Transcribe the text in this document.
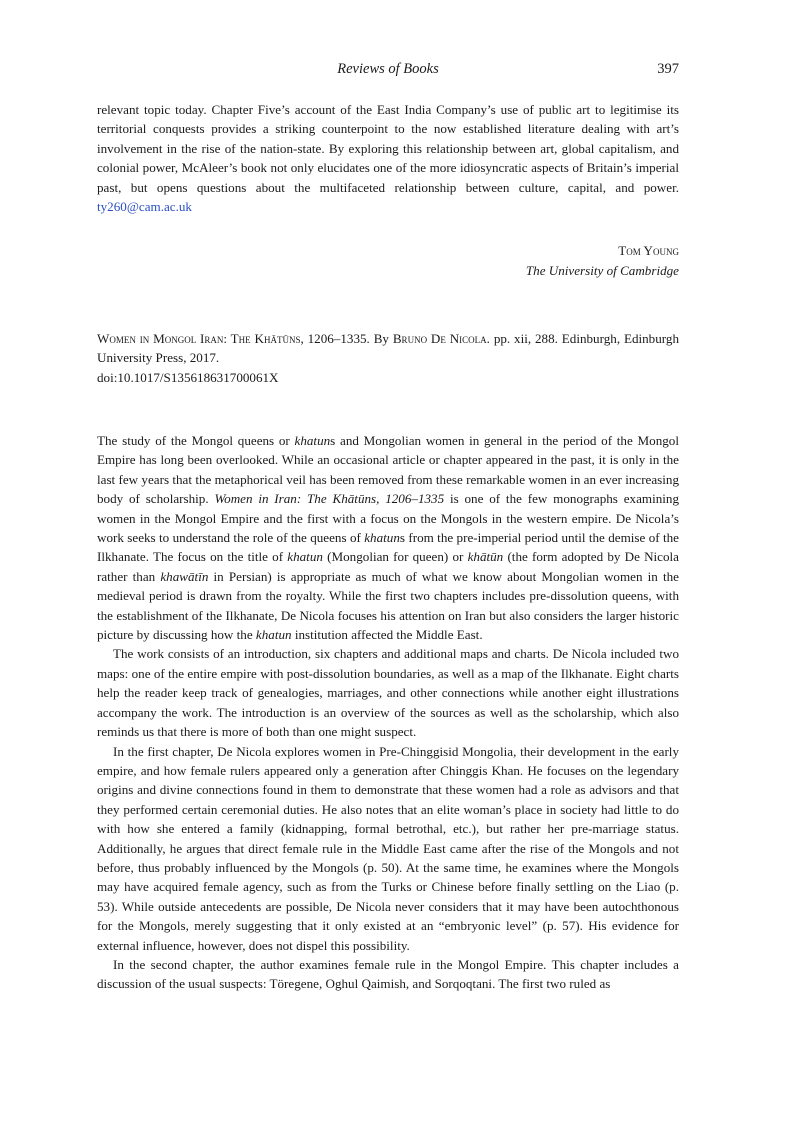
Reviews of Books	397

relevant topic today. Chapter Five’s account of the East India Company’s use of public art to legitimise its territorial conquests provides a striking counterpoint to the now established literature dealing with art’s involvement in the rise of the nation-state. By exploring this relationship between art, global capitalism, and colonial power, McAleer’s book not only elucidates one of the more idiosyncratic aspects of Britain’s imperial past, but opens questions about the multifaceted relationship between culture, capital, and power. ty260@cam.ac.uk

Tom Young
The University of Cambridge

Women in Mongol Iran: The Khātūns, 1206–1335. By Bruno De Nicola. pp. xii, 288. Edinburgh, Edinburgh University Press, 2017.

doi:10.1017/S135618631700061X

The study of the Mongol queens or khatuns and Mongolian women in general in the period of the Mongol Empire has long been overlooked. While an occasional article or chapter appeared in the past, it is only in the last few years that the metaphorical veil has been removed from these remarkable women in an ever increasing body of scholarship. Women in Iran: The Khātūns, 1206–1335 is one of the few monographs examining women in the Mongol Empire and the first with a focus on the Mongols in the western empire. De Nicola’s work seeks to understand the role of the queens of khatuns from the pre-imperial period until the demise of the Ilkhanate. The focus on the title of khatun (Mongolian for queen) or khātūn (the form adopted by De Nicola rather than khawātīn in Persian) is appropriate as much of what we know about Mongolian women in the medieval period is drawn from the royalty. While the first two chapters includes pre-dissolution queens, with the establishment of the Ilkhanate, De Nicola focuses his attention on Iran but also considers the larger historic picture by discussing how the khatun institution affected the Middle East.

The work consists of an introduction, six chapters and additional maps and charts. De Nicola included two maps: one of the entire empire with post-dissolution boundaries, as well as a map of the Ilkhanate. Eight charts help the reader keep track of genealogies, marriages, and other connections while another eight illustrations accompany the work. The introduction is an overview of the sources as well as the scholarship, which also reminds us that there is more of both than one might suspect.

In the first chapter, De Nicola explores women in Pre-Chinggisid Mongolia, their development in the early empire, and how female rulers appeared only a generation after Chinggis Khan. He focuses on the legendary origins and divine connections found in them to demonstrate that these women had a role as advisors and that they performed certain ceremonial duties. He also notes that an elite woman’s place in society had little to do with how she entered a family (kidnapping, formal betrothal, etc.), but rather her pre-marriage status. Additionally, he argues that direct female rule in the Middle East came after the rise of the Mongols and not before, thus probably influenced by the Mongols (p. 50). At the same time, he examines where the Mongols may have acquired female agency, such as from the Turks or Chinese before finally settling on the Liao (p. 53). While outside antecedents are possible, De Nicola never considers that it may have been autochthonous for the Mongols, merely suggesting that it only existed at an “embryonic level” (p. 57). His evidence for external influence, however, does not dispel this possibility.

In the second chapter, the author examines female rule in the Mongol Empire. This chapter includes a discussion of the usual suspects: Töregene, Oghul Qaimish, and Sorqoqtani. The first two ruled as
